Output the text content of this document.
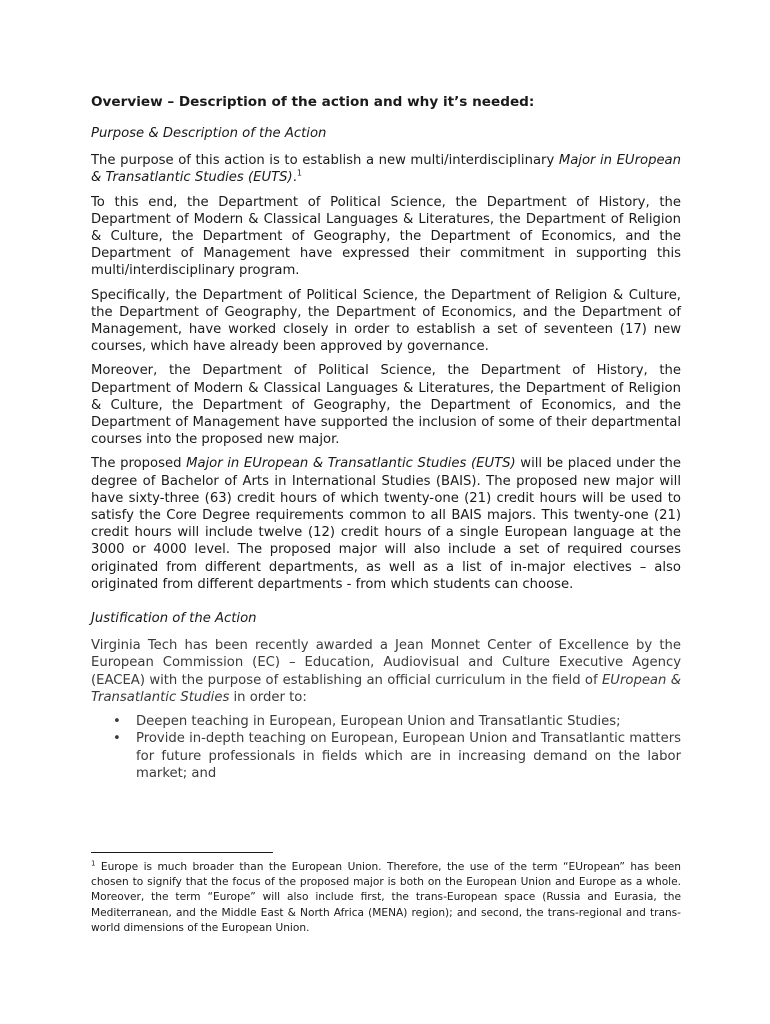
Overview – Description of the action and why it’s needed:
Purpose & Description of the Action

The purpose of this action is to establish a new multi/interdisciplinary Major in EUropean & Transatlantic Studies (EUTS).$^1$

To this end, the Department of Political Science, the Department of History, the Department of Modern & Classical Languages & Literatures, the Department of Religion & Culture, the Department of Geography, the Department of Economics, and the Department of Management have expressed their commitment in supporting this multi/interdisciplinary program.

Specifically, the Department of Political Science, the Department of Religion & Culture, the Department of Geography, the Department of Economics, and the Department of Management, have worked closely in order to establish a set of seventeen (17) new courses, which have already been approved by governance.

Moreover, the Department of Political Science, the Department of History, the Department of Modern & Classical Languages & Literatures, the Department of Religion & Culture, the Department of Geography, the Department of Economics, and the Department of Management have supported the inclusion of some of their departmental courses into the proposed new major.

The proposed Major in EUropean & Transatlantic Studies (EUTS) will be placed under the degree of Bachelor of Arts in International Studies (BAIS). The proposed new major will have sixty-three (63) credit hours of which twenty-one (21) credit hours will be used to satisfy the Core Degree requirements common to all BAIS majors. This twenty-one (21) credit hours will include twelve (12) credit hours of a single European language at the 3000 or 4000 level. The proposed major will also include a set of required courses originated from different departments, as well as a list of in-major electives – also originated from different departments - from which students can choose.

Justification of the Action

Virginia Tech has been recently awarded a Jean Monnet Center of Excellence by the European Commission (EC) – Education, Audiovisual and Culture Executive Agency (EACEA) with the purpose of establishing an official curriculum in the field of EUropean & Transatlantic Studies in order to:

• Deepen teaching in European, European Union and Transatlantic Studies;
• Provide in-depth teaching on European, European Union and Transatlantic matters for future professionals in fields which are in increasing demand on the labor market; and
$^1$ Europe is much broader than the European Union. Therefore, the use of the term “EUropean” has been chosen to signify that the focus of the proposed major is both on the European Union and Europe as a whole. Moreover, the term “Europe” will also include first, the trans-European space (Russia and Eurasia, the Mediterranean, and the Middle East & North Africa (MENA) region); and second, the trans-regional and trans-world dimensions of the European Union.
